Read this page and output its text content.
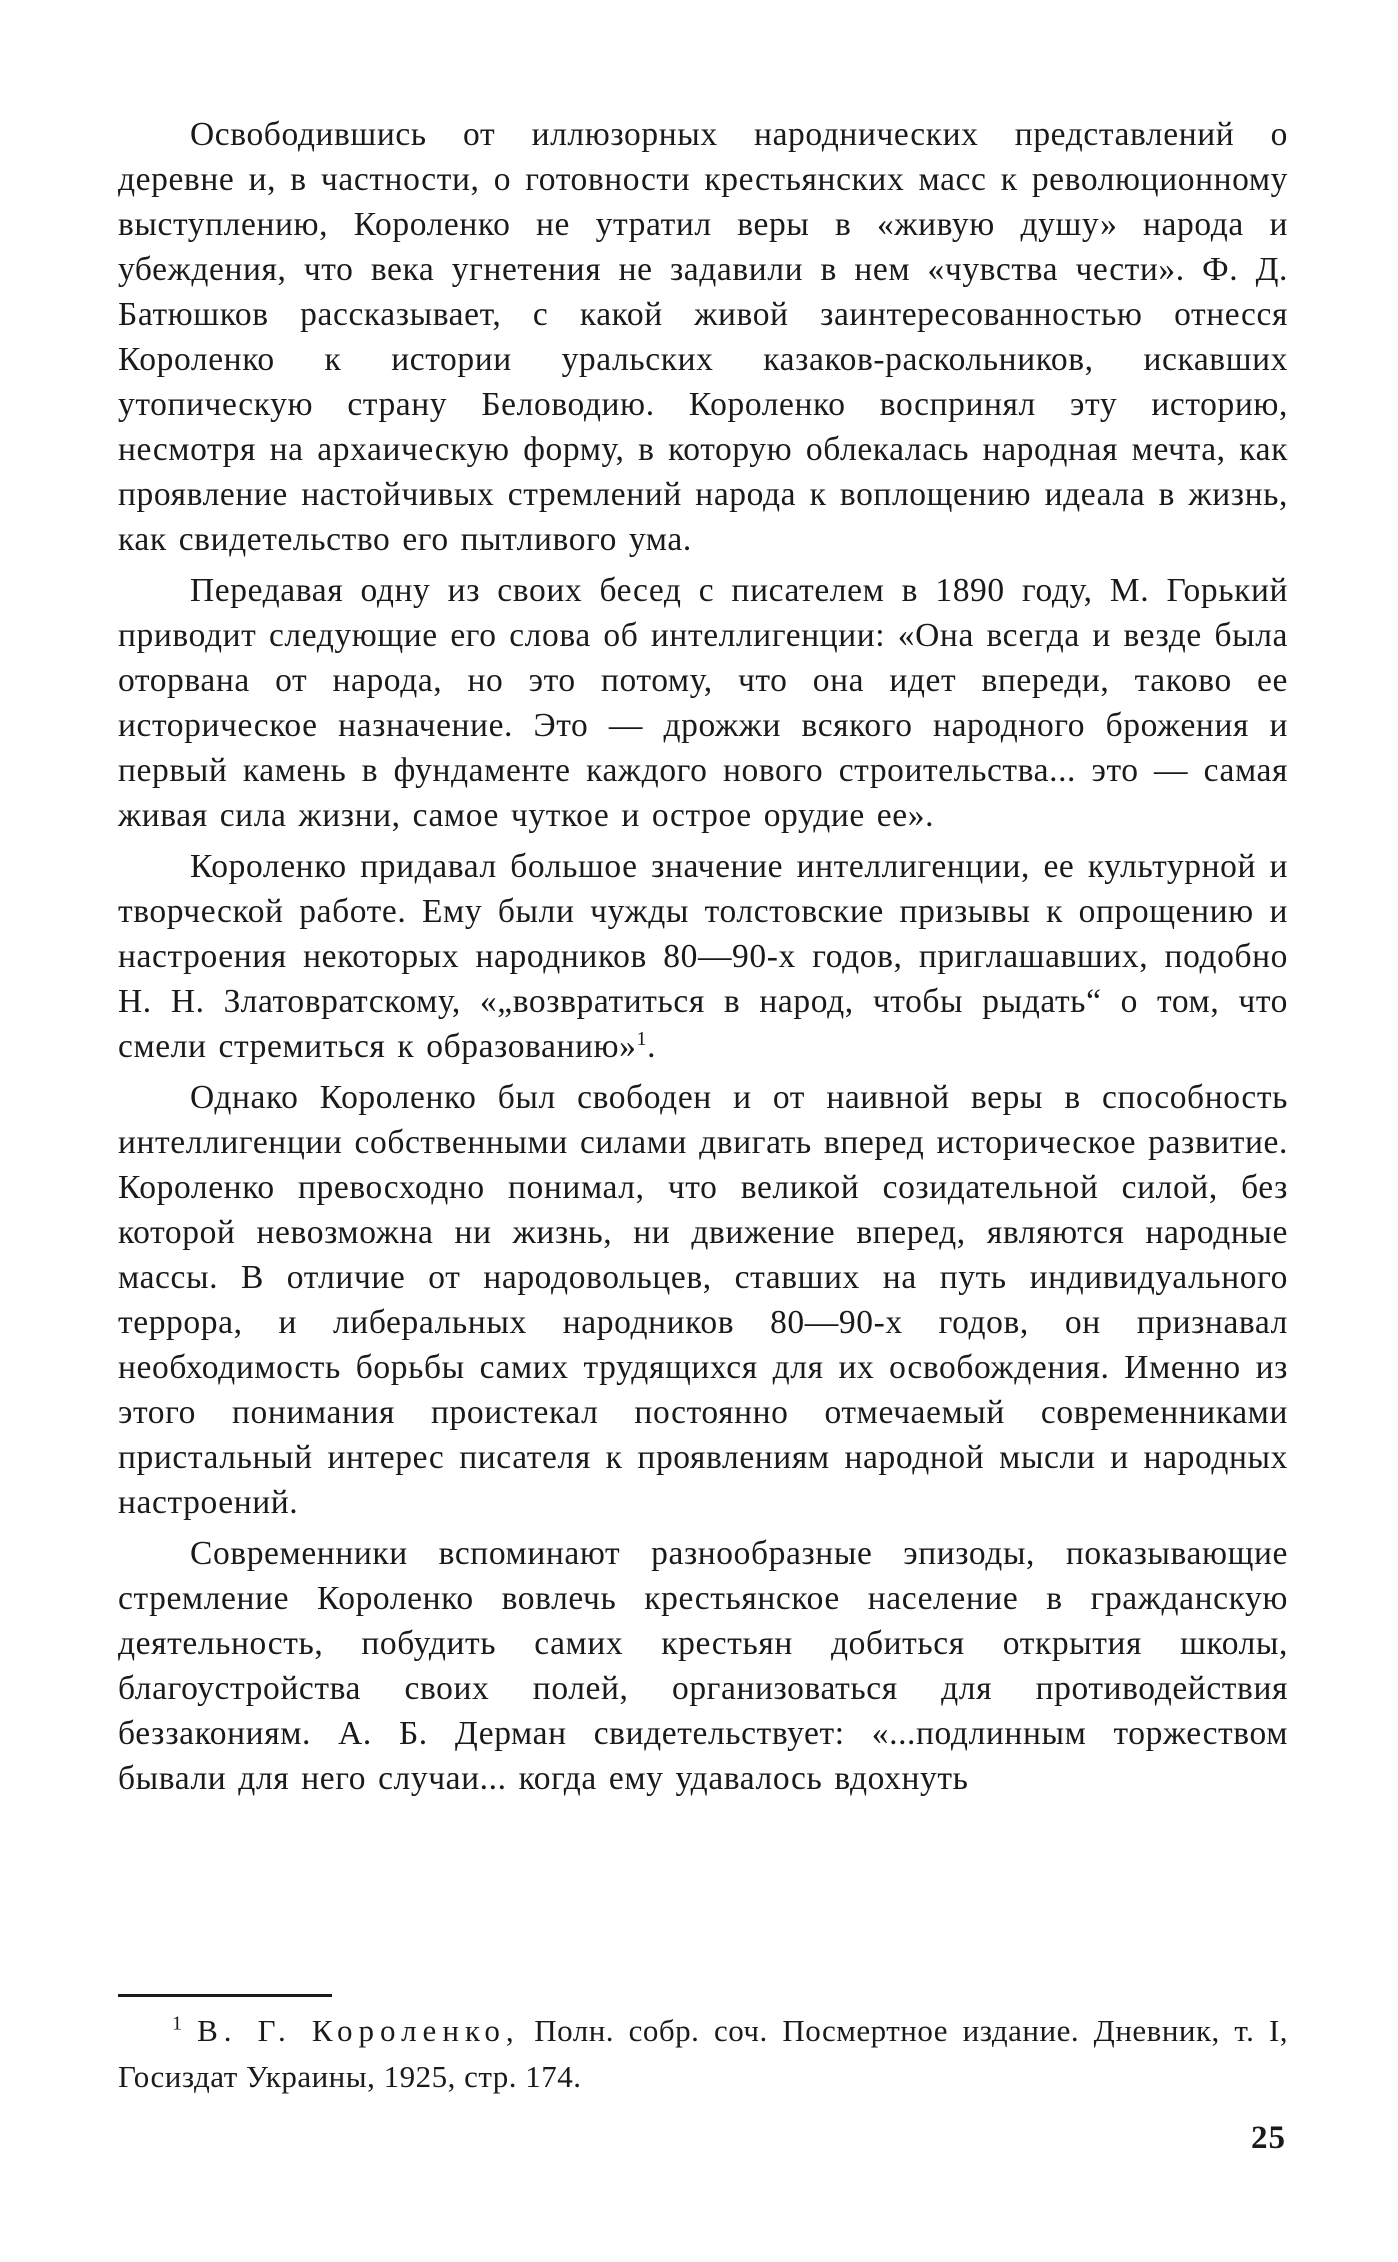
Освободившись от иллюзорных народнических представлений о деревне и, в частности, о готовности крестьянских масс к революционному выступлению, Короленко не утратил веры в «живую душу» народа и убеждения, что века угнетения не задавили в нем «чувства чести». Ф. Д. Батюшков рассказывает, с какой живой заинтересованностью отнесся Короленко к истории уральских казаков-раскольников, искавших утопическую страну Беловодию. Короленко воспринял эту историю, несмотря на архаическую форму, в которую облекалась народная мечта, как проявление настойчивых стремлений народа к воплощению идеала в жизнь, как свидетельство его пытливого ума.

Передавая одну из своих бесед с писателем в 1890 году, М. Горький приводит следующие его слова об интеллигенции: «Она всегда и везде была оторвана от народа, но это потому, что она идет впереди, таково ее историческое назначение. Это — дрожжи всякого народного брожения и первый камень в фундаменте каждого нового строительства... это — самая живая сила жизни, самое чуткое и острое орудие ее».

Короленко придавал большое значение интеллигенции, ее культурной и творческой работе. Ему были чужды толстовские призывы к опрощению и настроения некоторых народников 80—90-х годов, приглашавших, подобно Н. Н. Златовратскому, «„возвратиться в народ, чтобы рыдать“ о том, что смели стремиться к образованию»$^1$.

Однако Короленко был свободен и от наивной веры в способность интеллигенции собственными силами двигать вперед историческое развитие. Короленко превосходно понимал, что великой созидательной силой, без которой невозможна ни жизнь, ни движение вперед, являются народные массы. В отличие от народовольцев, ставших на путь индивидуального террора, и либеральных народников 80—90-х годов, он признавал необходимость борьбы самих трудящихся для их освобождения. Именно из этого понимания проистекал постоянно отмечаемый современниками пристальный интерес писателя к проявлениям народной мысли и народных настроений.

Современники вспоминают разнообразные эпизоды, показывающие стремление Короленко вовлечь крестьянское население в гражданскую деятельность, побудить самих крестьян добиться открытия школы, благоустройства своих полей, организоваться для противодействия беззакониям. А. Б. Дерман свидетельствует: «...подлинным торжеством бывали для него случаи... когда ему удавалось вдохнуть

$^1$ В. Г. Короленко, Полн. собр. соч. Посмертное издание. Дневник, т. I, Госиздат Украины, 1925, стр. 174.

25
